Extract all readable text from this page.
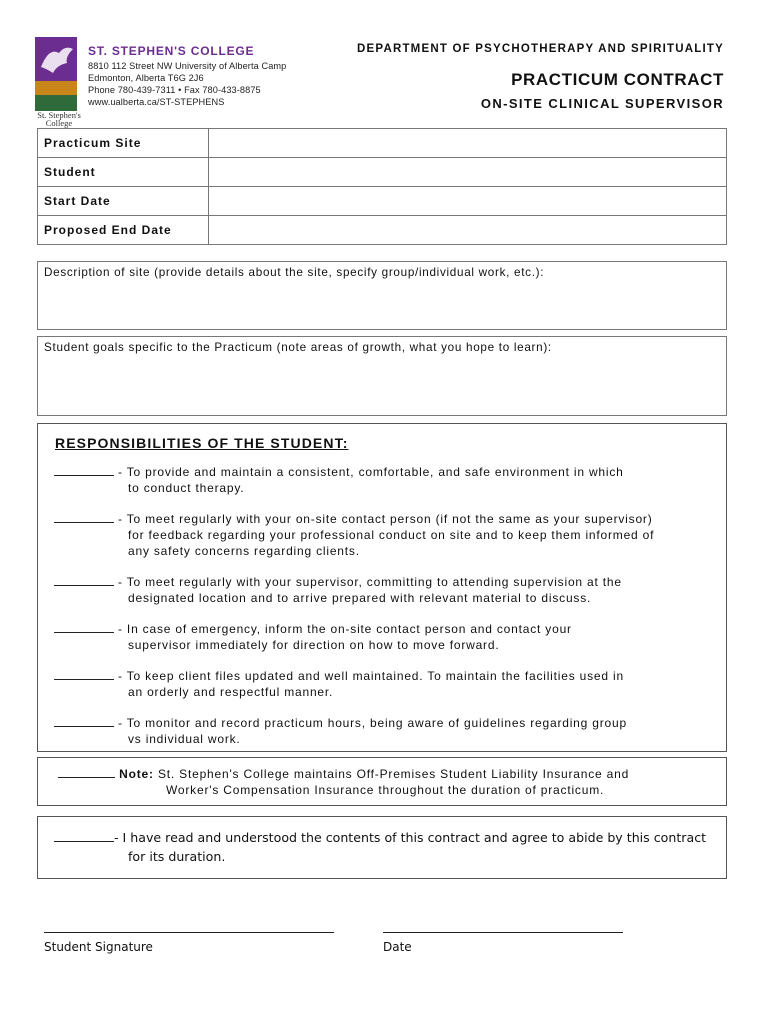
St. Stephen's College
ST. STEPHEN'S COLLEGE
8810 112 Street NW University of Alberta Camp
Edmonton, Alberta T6G 2J6
Phone 780-439-7311 • Fax 780-433-8875
www.ualberta.ca/ST-STEPHENS
DEPARTMENT OF PSYCHOTHERAPY AND SPIRITUALITY
PRACTICUM CONTRACT
ON-SITE CLINICAL SUPERVISOR
Practicum Site	
Student	
Start Date	
Proposed End Date	
Description of site (provide details about the site, specify group/individual work, etc.):
Student goals specific to the Practicum (note areas of growth, what you hope to learn):
RESPONSIBILITIES OF THE STUDENT:
- To provide and maintain a consistent, comfortable, and safe environment in which
to conduct therapy.
- To meet regularly with your on-site contact person (if not the same as your supervisor)
for feedback regarding your professional conduct on site and to keep them informed of
any safety concerns regarding clients.
- To meet regularly with your supervisor, committing to attending supervision at the
designated location and to arrive prepared with relevant material to discuss.
- In case of emergency, inform the on-site contact person and contact your
supervisor immediately for direction on how to move forward.
- To keep client files updated and well maintained. To maintain the facilities used in
an orderly and respectful manner.
- To monitor and record practicum hours, being aware of guidelines regarding group
vs individual work.
Note: St. Stephen's College maintains Off-Premises Student Liability Insurance and
Worker's Compensation Insurance throughout the duration of practicum.
- I have read and understood the contents of this contract and agree to abide by this contract
for its duration.
Student Signature	Date
